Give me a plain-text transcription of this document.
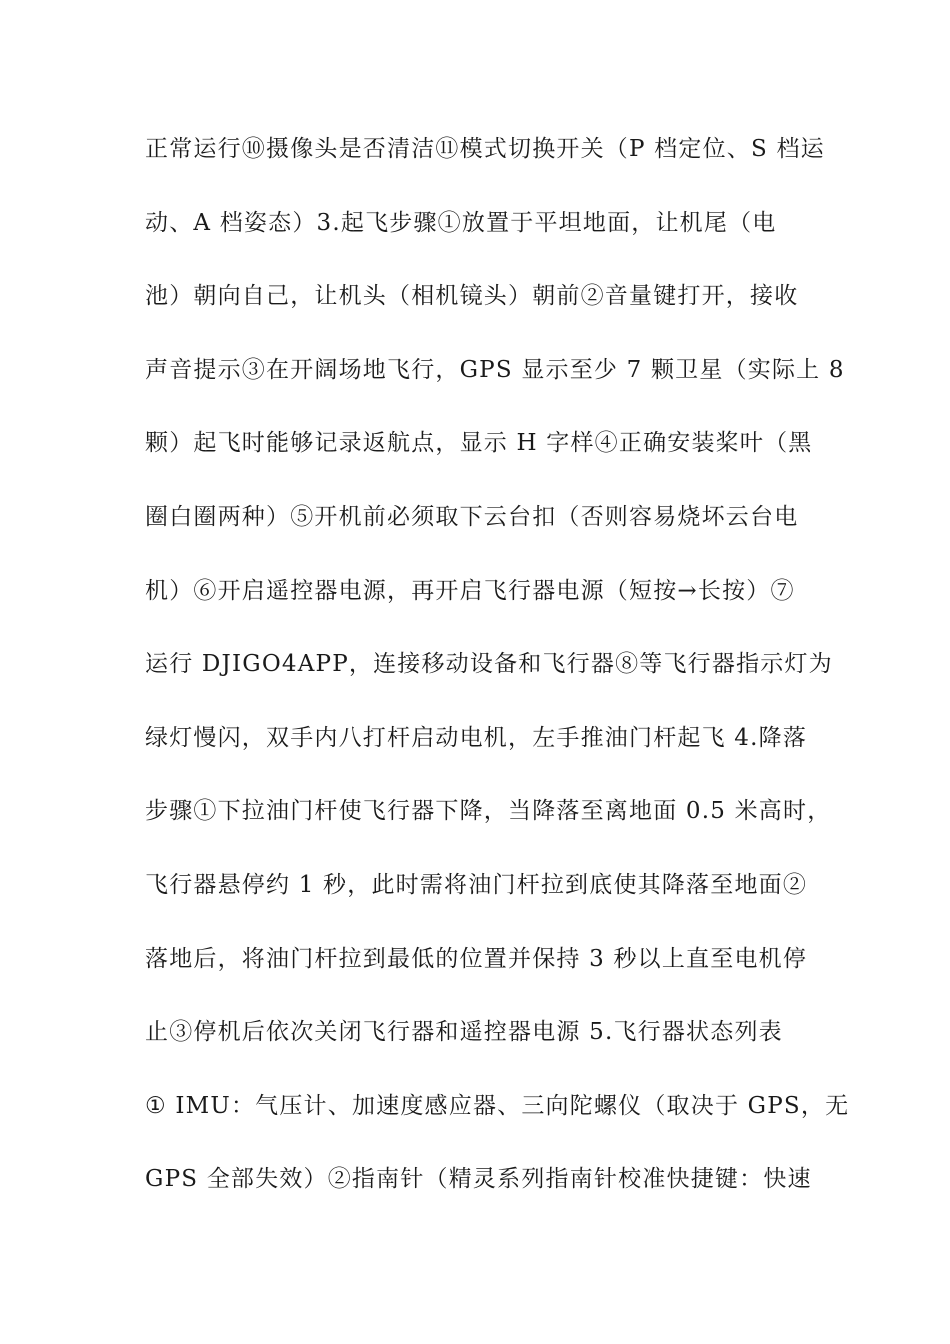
正常运行⑩摄像头是否清洁⑪模式切换开关（P 档定位、S 档运
动、A 档姿态）3.起飞步骤①放置于平坦地面，让机尾（电
池）朝向自己，让机头（相机镜头）朝前②音量键打开，接收
声音提示③在开阔场地飞行，GPS 显示至少 7 颗卫星（实际上 8
颗）起飞时能够记录返航点，显示 H 字样④正确安装桨叶（黑
圈白圈两种）⑤开机前必须取下云台扣（否则容易烧坏云台电
机）⑥开启遥控器电源，再开启飞行器电源（短按→长按）⑦
运行 DJIGO4APP，连接移动设备和飞行器⑧等飞行器指示灯为
绿灯慢闪，双手内八打杆启动电机，左手推油门杆起飞 4.降落
步骤①下拉油门杆使飞行器下降，当降落至离地面 0.5 米高时，
飞行器悬停约 1 秒，此时需将油门杆拉到底使其降落至地面②
落地后，将油门杆拉到最低的位置并保持 3 秒以上直至电机停
止③停机后依次关闭飞行器和遥控器电源 5.飞行器状态列表
① IMU：气压计、加速度感应器、三向陀螺仪（取决于 GPS，无
GPS 全部失效）②指南针（精灵系列指南针校准快捷键：快速
